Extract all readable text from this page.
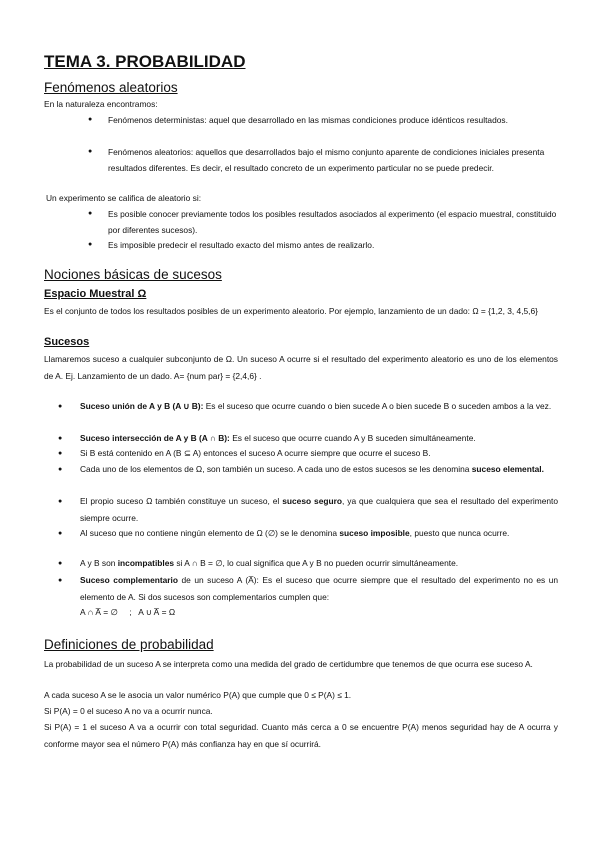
TEMA 3. PROBABILIDAD
Fenómenos aleatorios
En la naturaleza encontramos:
● Fenómenos deterministas: aquel que desarrollado en las mismas condiciones produce idénticos resultados.
● Fenómenos aleatorios: aquellos que desarrollados bajo el mismo conjunto aparente de condiciones iniciales presenta resultados diferentes. Es decir, el resultado concreto de un experimento particular no se puede predecir.
Un experimento se califica de aleatorio si:
● Es posible conocer previamente todos los posibles resultados asociados al experimento (el espacio muestral, constituido por diferentes sucesos).
● Es imposible predecir el resultado exacto del mismo antes de realizarlo.
Nociones básicas de sucesos
Espacio Muestral Ω
Es el conjunto de todos los resultados posibles de un experimento aleatorio. Por ejemplo, lanzamiento de un dado: Ω = {1,2, 3, 4,5,6}
Sucesos
Llamaremos suceso a cualquier subconjunto de Ω. Un suceso A ocurre si el resultado del experimento aleatorio es uno de los elementos de A. Ej. Lanzamiento de un dado. A= {num par} = {2,4,6} .
● Suceso unión de A y B (A ∪ B): Es el suceso que ocurre cuando o bien sucede A o bien sucede B o suceden ambos a la vez.
● Suceso intersección de A y B (A ∩ B): Es el suceso que ocurre cuando A y B suceden simultáneamente.
● Si B está contenido en A (B ⊆ A) entonces el suceso A ocurre siempre que ocurre el suceso B.
● Cada uno de los elementos de Ω, son también un suceso. A cada uno de estos sucesos se les denomina suceso elemental.
● El propio suceso Ω también constituye un suceso, el suceso seguro, ya que cualquiera que sea el resultado del experimento siempre ocurre.
● Al suceso que no contiene ningún elemento de Ω (∅) se le denomina suceso imposible, puesto que nunca ocurre.
● A y B son incompatibles si A ∩ B = ∅, lo cual significa que A y B no pueden ocurrir simultáneamente.
● Suceso complementario de un suceso A (A̅): Es el suceso que ocurre siempre que el resultado del experimento no es un elemento de A. Si dos sucesos son complementarios cumplen que:
A ∩ A̅ = ∅     ;   A ∪ A̅ = Ω
Definiciones de probabilidad
La probabilidad de un suceso A se interpreta como una medida del grado de certidumbre que tenemos de que ocurra ese suceso A.
A cada suceso A se le asocia un valor numérico P(A) que cumple que 0 ≤ P(A) ≤ 1.
Si P(A) = 0 el suceso A no va a ocurrir nunca.
Si P(A) = 1 el suceso A va a ocurrir con total seguridad. Cuanto más cerca a 0 se encuentre P(A) menos seguridad hay de A ocurra y conforme mayor sea el número P(A) más confianza hay en que sí ocurrirá.
